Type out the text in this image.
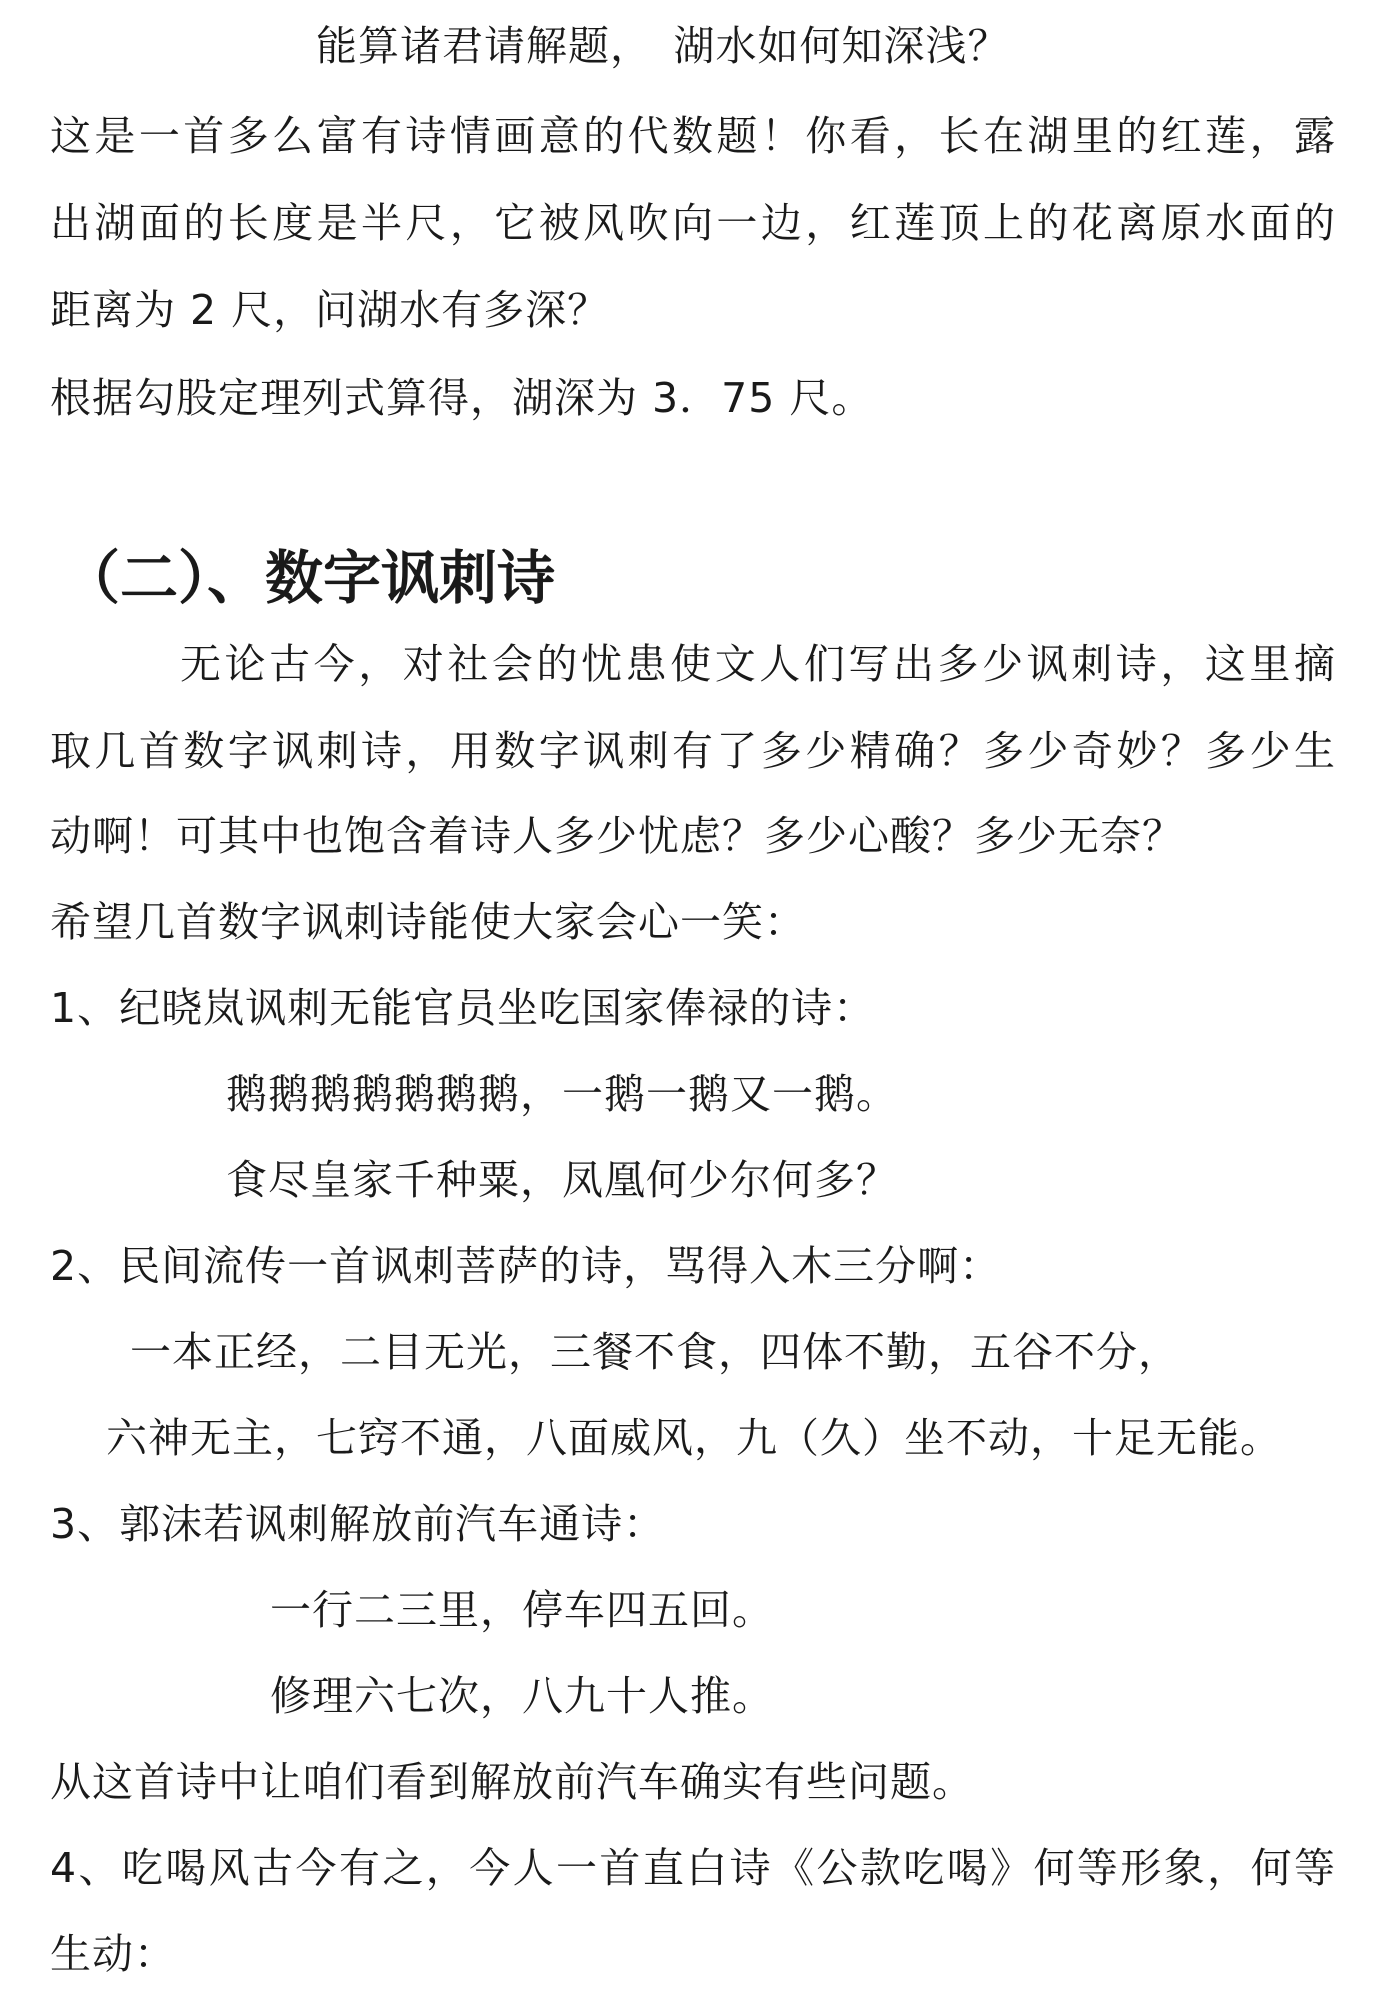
能算诸君请解题，　湖水如何知深浅？
这是一首多么富有诗情画意的代数题！你看，长在湖里的红莲，露
出湖面的长度是半尺，它被风吹向一边，红莲顶上的花离原水面的
距离为 2 尺，问湖水有多深？
根据勾股定理列式算得，湖深为 3．75 尺。
（二）、数字讽刺诗
无论古今，对社会的忧患使文人们写出多少讽刺诗，这里摘
取几首数字讽刺诗，用数字讽刺有了多少精确？多少奇妙？多少生
动啊！可其中也饱含着诗人多少忧虑？多少心酸？多少无奈？
希望几首数字讽刺诗能使大家会心一笑：
1、纪晓岚讽刺无能官员坐吃国家俸禄的诗：
鹅鹅鹅鹅鹅鹅鹅，一鹅一鹅又一鹅。
食尽皇家千种粟，凤凰何少尔何多？
2、民间流传一首讽刺菩萨的诗，骂得入木三分啊：
一本正经，二目无光，三餐不食，四体不勤，五谷不分，
六神无主，七窍不通，八面威风，九（久）坐不动，十足无能。
3、郭沫若讽刺解放前汽车通诗：
一行二三里，停车四五回。
修理六七次，八九十人推。
从这首诗中让咱们看到解放前汽车确实有些问题。
4、吃喝风古今有之，今人一首直白诗《公款吃喝》何等形象，何等
生动：
